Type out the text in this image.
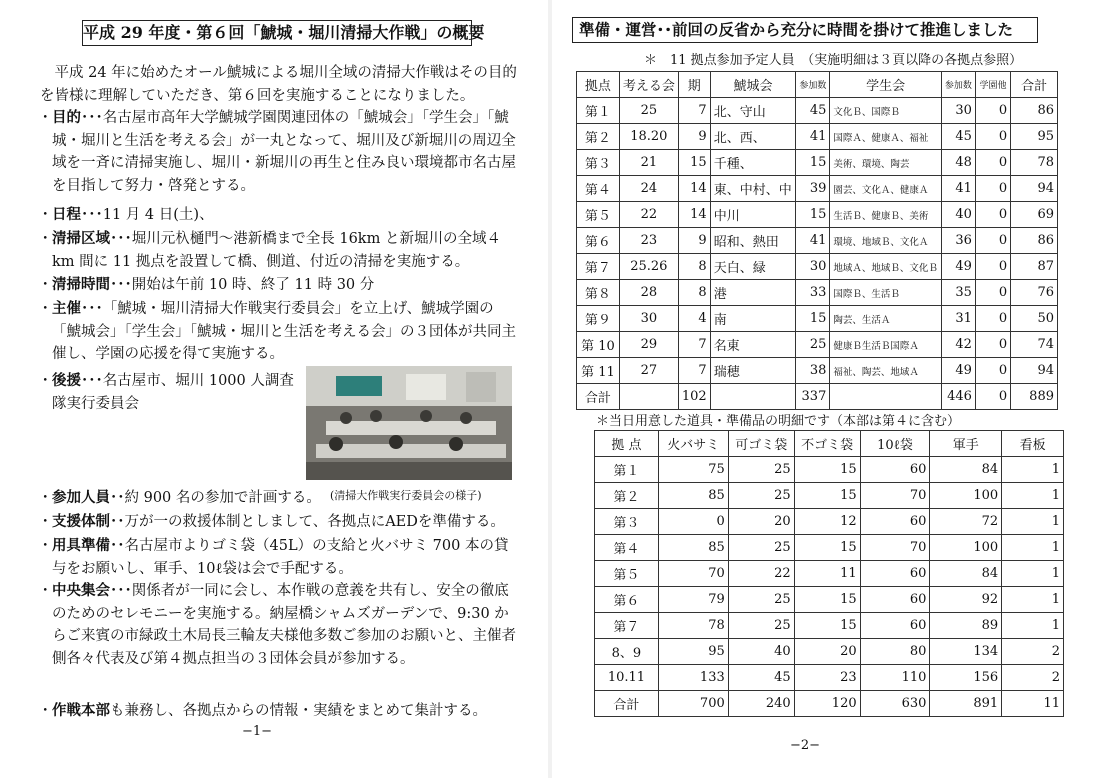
平成 29 年度・第６回「鯱城・堀川清掃大作戦」の概要
平成 24 年に始めたオール鯱城による堀川全域の清掃大作戦はその目的を皆様に理解していただき、第６回を実施することになりました。
・ 目的･･･名古屋市高年大学鯱城学園関連団体の「鯱城会」「学生会」「鯱城・堀川と生活を考える会」が一丸となって、堀川及び新堀川の周辺全域を一斉に清掃実施し、堀川・新堀川の再生と住み良い環境都市名古屋を目指して努力・啓発とする。
・ 日程･･･11 月 4 日(土)、
・ 清掃区域･･･堀川元杁樋門～港新橋まで全長 16km と新堀川の全域４km 間に 11 拠点を設置して橋、側道、付近の清掃を実施する。
・ 清掃時間･･･開始は午前 10 時、終了 11 時 30 分
・ 主催･･･「鯱城・堀川清掃大作戦実行委員会」を立上げ、鯱城学園の「鯱城会」「学生会」「鯱城・堀川と生活を考える会」の３団体が共同主催し、学園の応援を得て実施する。
・ 後援･･･名古屋市、堀川 1000 人調査隊実行委員会
・ 参加人員･･約 900 名の参加で計画する。 (清掃大作戦実行委員会の様子)
・ 支援体制･･万が一の救援体制としまして、各拠点にAEDを準備する。
・ 用具準備･･名古屋市よりゴミ袋（45L）の支給と火バサミ 700 本の貸与をお願いし、軍手、10ℓ袋は会で手配する。
・ 中央集会･･･関係者が一同に会し、本作戦の意義を共有し、安全の徹底のためのセレモニーを実施する。納屋橋シャムズガーデンで、9:30 からご来賓の市緑政土木局長三輪友夫様他多数ご参加のお願いと、主催者側各々代表及び第４拠点担当の３団体会員が参加する。
・ 作戦本部も兼務し、各拠点からの情報・実績をまとめて集計する。
−1−
準備・運営･･前回の反省から充分に時間を掛けて推進しました
＊　11 拠点参加予定人員　（実施明細は３頁以降の各拠点参照）
拠点	考える会	期	鯱城会	参加数	学生会	参加数	学園他	合計
第１	25	7	北、守山	45	文化Ｂ、国際Ｂ	30	0	86
第２	18.20	9	北、西、	41	国際Ａ、健康Ａ、福祉	45	0	95
第３	21	15	千種、	15	美術、環境、陶芸	48	0	78
第４	24	14	東、中村、中	39	園芸、文化Ａ、健康Ａ	41	0	94
第５	22	14	中川	15	生活Ｂ、健康Ｂ、美術	40	0	69
第６	23	9	昭和、熱田	41	環境、地域Ｂ、文化Ａ	36	0	86
第７	25.26	8	天白、緑	30	地域Ａ、地域Ｂ、文化Ｂ	49	0	87
第８	28	8	港	33	国際Ｂ、生活Ｂ	35	0	76
第９	30	4	南	15	陶芸、生活Ａ	31	0	50
第 10	29	7	名東	25	健康Ｂ生活Ｂ国際Ａ	42	0	74
第 11	27	7	瑞穂	38	福祉、陶芸、地域Ａ	49	0	94
合計		102		337		446	0	889
＊当日用意した道具・準備品の明細です（本部は第４に含む）
拠 点	火バサミ	可ゴミ袋	不ゴミ袋	10ℓ袋	軍手	看板
第１	75	25	15	60	84	1
第２	85	25	15	70	100	1
第３	0	20	12	60	72	1
第４	85	25	15	70	100	1
第５	70	22	11	60	84	1
第６	79	25	15	60	92	1
第７	78	25	15	60	89	1
8、9	95	40	20	80	134	2
10.11	133	45	23	110	156	2
合計	700	240	120	630	891	11
−2−
